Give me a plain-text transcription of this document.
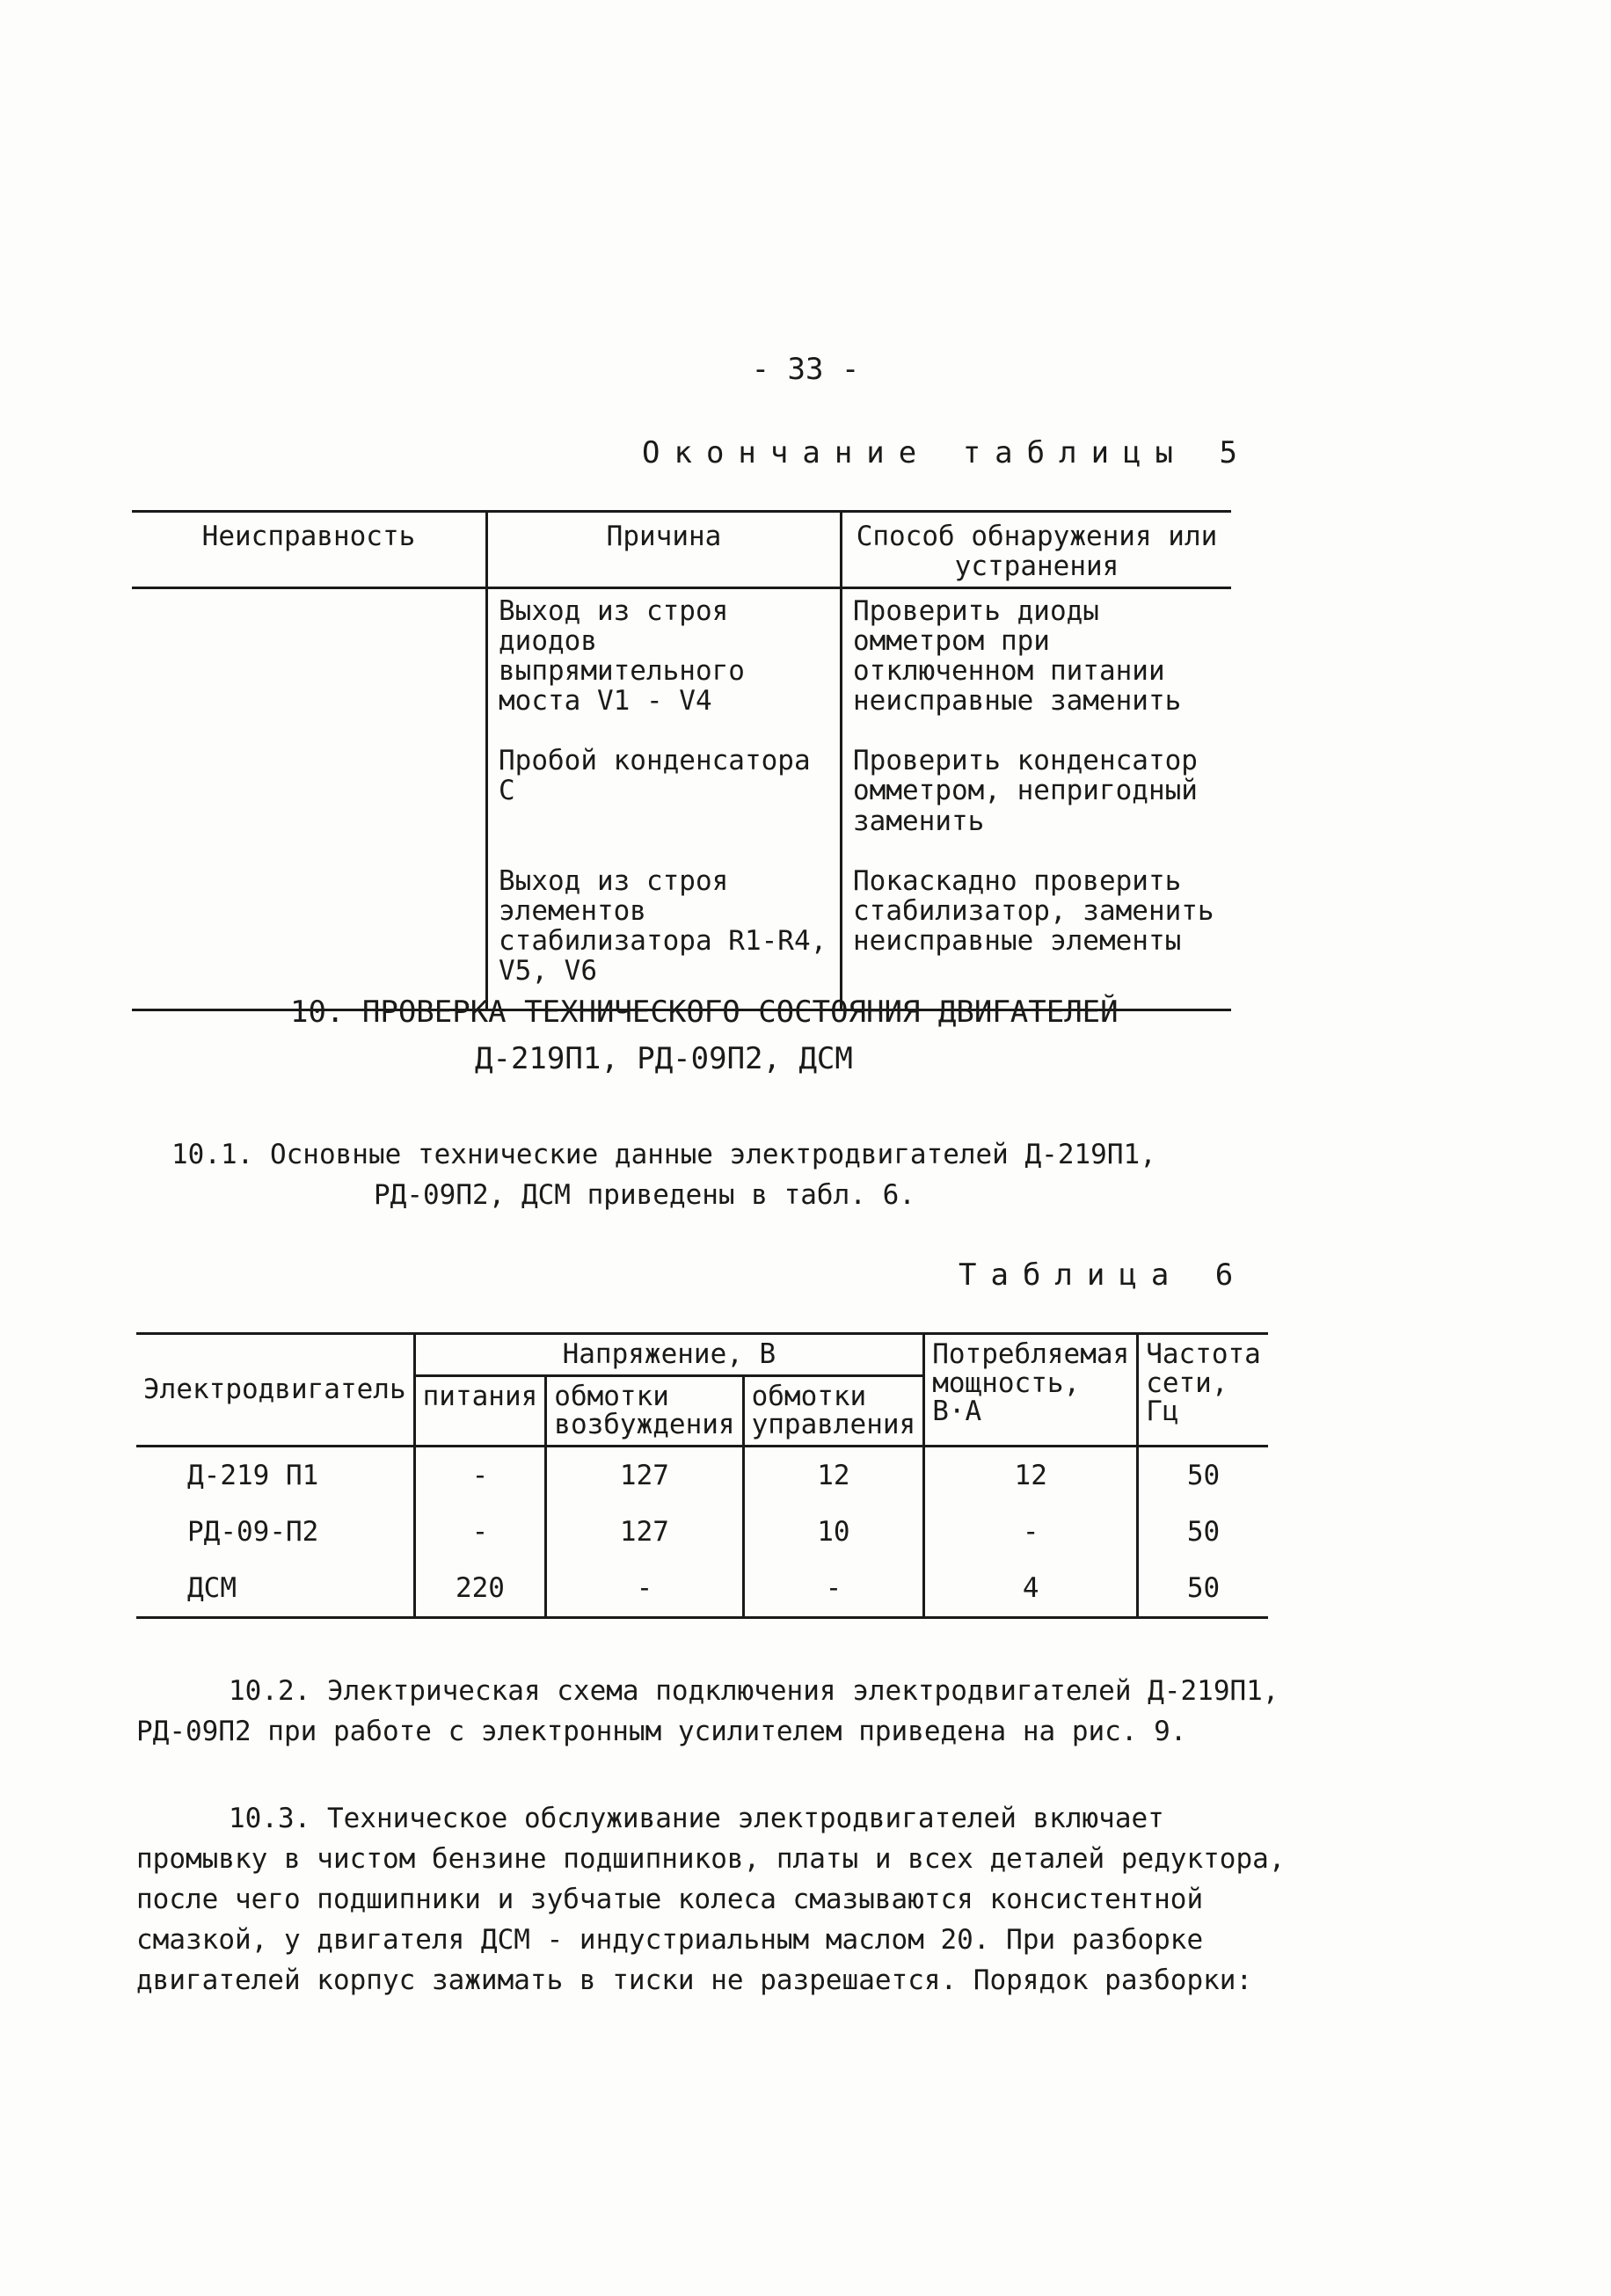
- 33 -
Окончание таблицы 5
Неисправность	Причина	Способ обнаружения или устранения
	Выход из строя диодов выпрямительного моста V1 - V4	Проверить диоды омметром при отключенном питании неисправные заменить
	Пробой конденсатора С	Проверить конденсатор омметром, непригодный заменить
	Выход из строя элементов стабилизатора R1-R4, V5, V6	Покаскадно проверить стабилизатор, заменить неисправные элементы
10. ПРОВЕРКА ТЕХНИЧЕСКОГО СОСТОЯНИЯ ДВИГАТЕЛЕЙ
Д-219П1, РД-09П2, ДСМ
10.1. Основные технические данные электродвигателей Д-219П1,
РД-09П2, ДСМ приведены в табл. 6.
Таблица 6
Электродвигатель	Напряжение, В			Потребляемая мощность, В·А	Частота сети, Гц
	питания	обмотки возбуждения	обмотки управления		
Д-219 П1	-	127	12	12	50
РД-09-П2	-	127	10	-	50
ДСМ	220	-	-	4	50
10.2. Электрическая схема подключения электродвигателей Д-219П1, РД-09П2 при работе с электронным усилителем приведена на рис. 9.
10.3. Техническое обслуживание электродвигателей включает промывку в чистом бензине подшипников, платы и всех деталей редуктора, после чего подшипники и зубчатые колеса смазываются консистентной смазкой, у двигателя ДСМ - индустриальным маслом 20. При разборке двигателей корпус зажимать в тиски не разрешается. Порядок разборки:
